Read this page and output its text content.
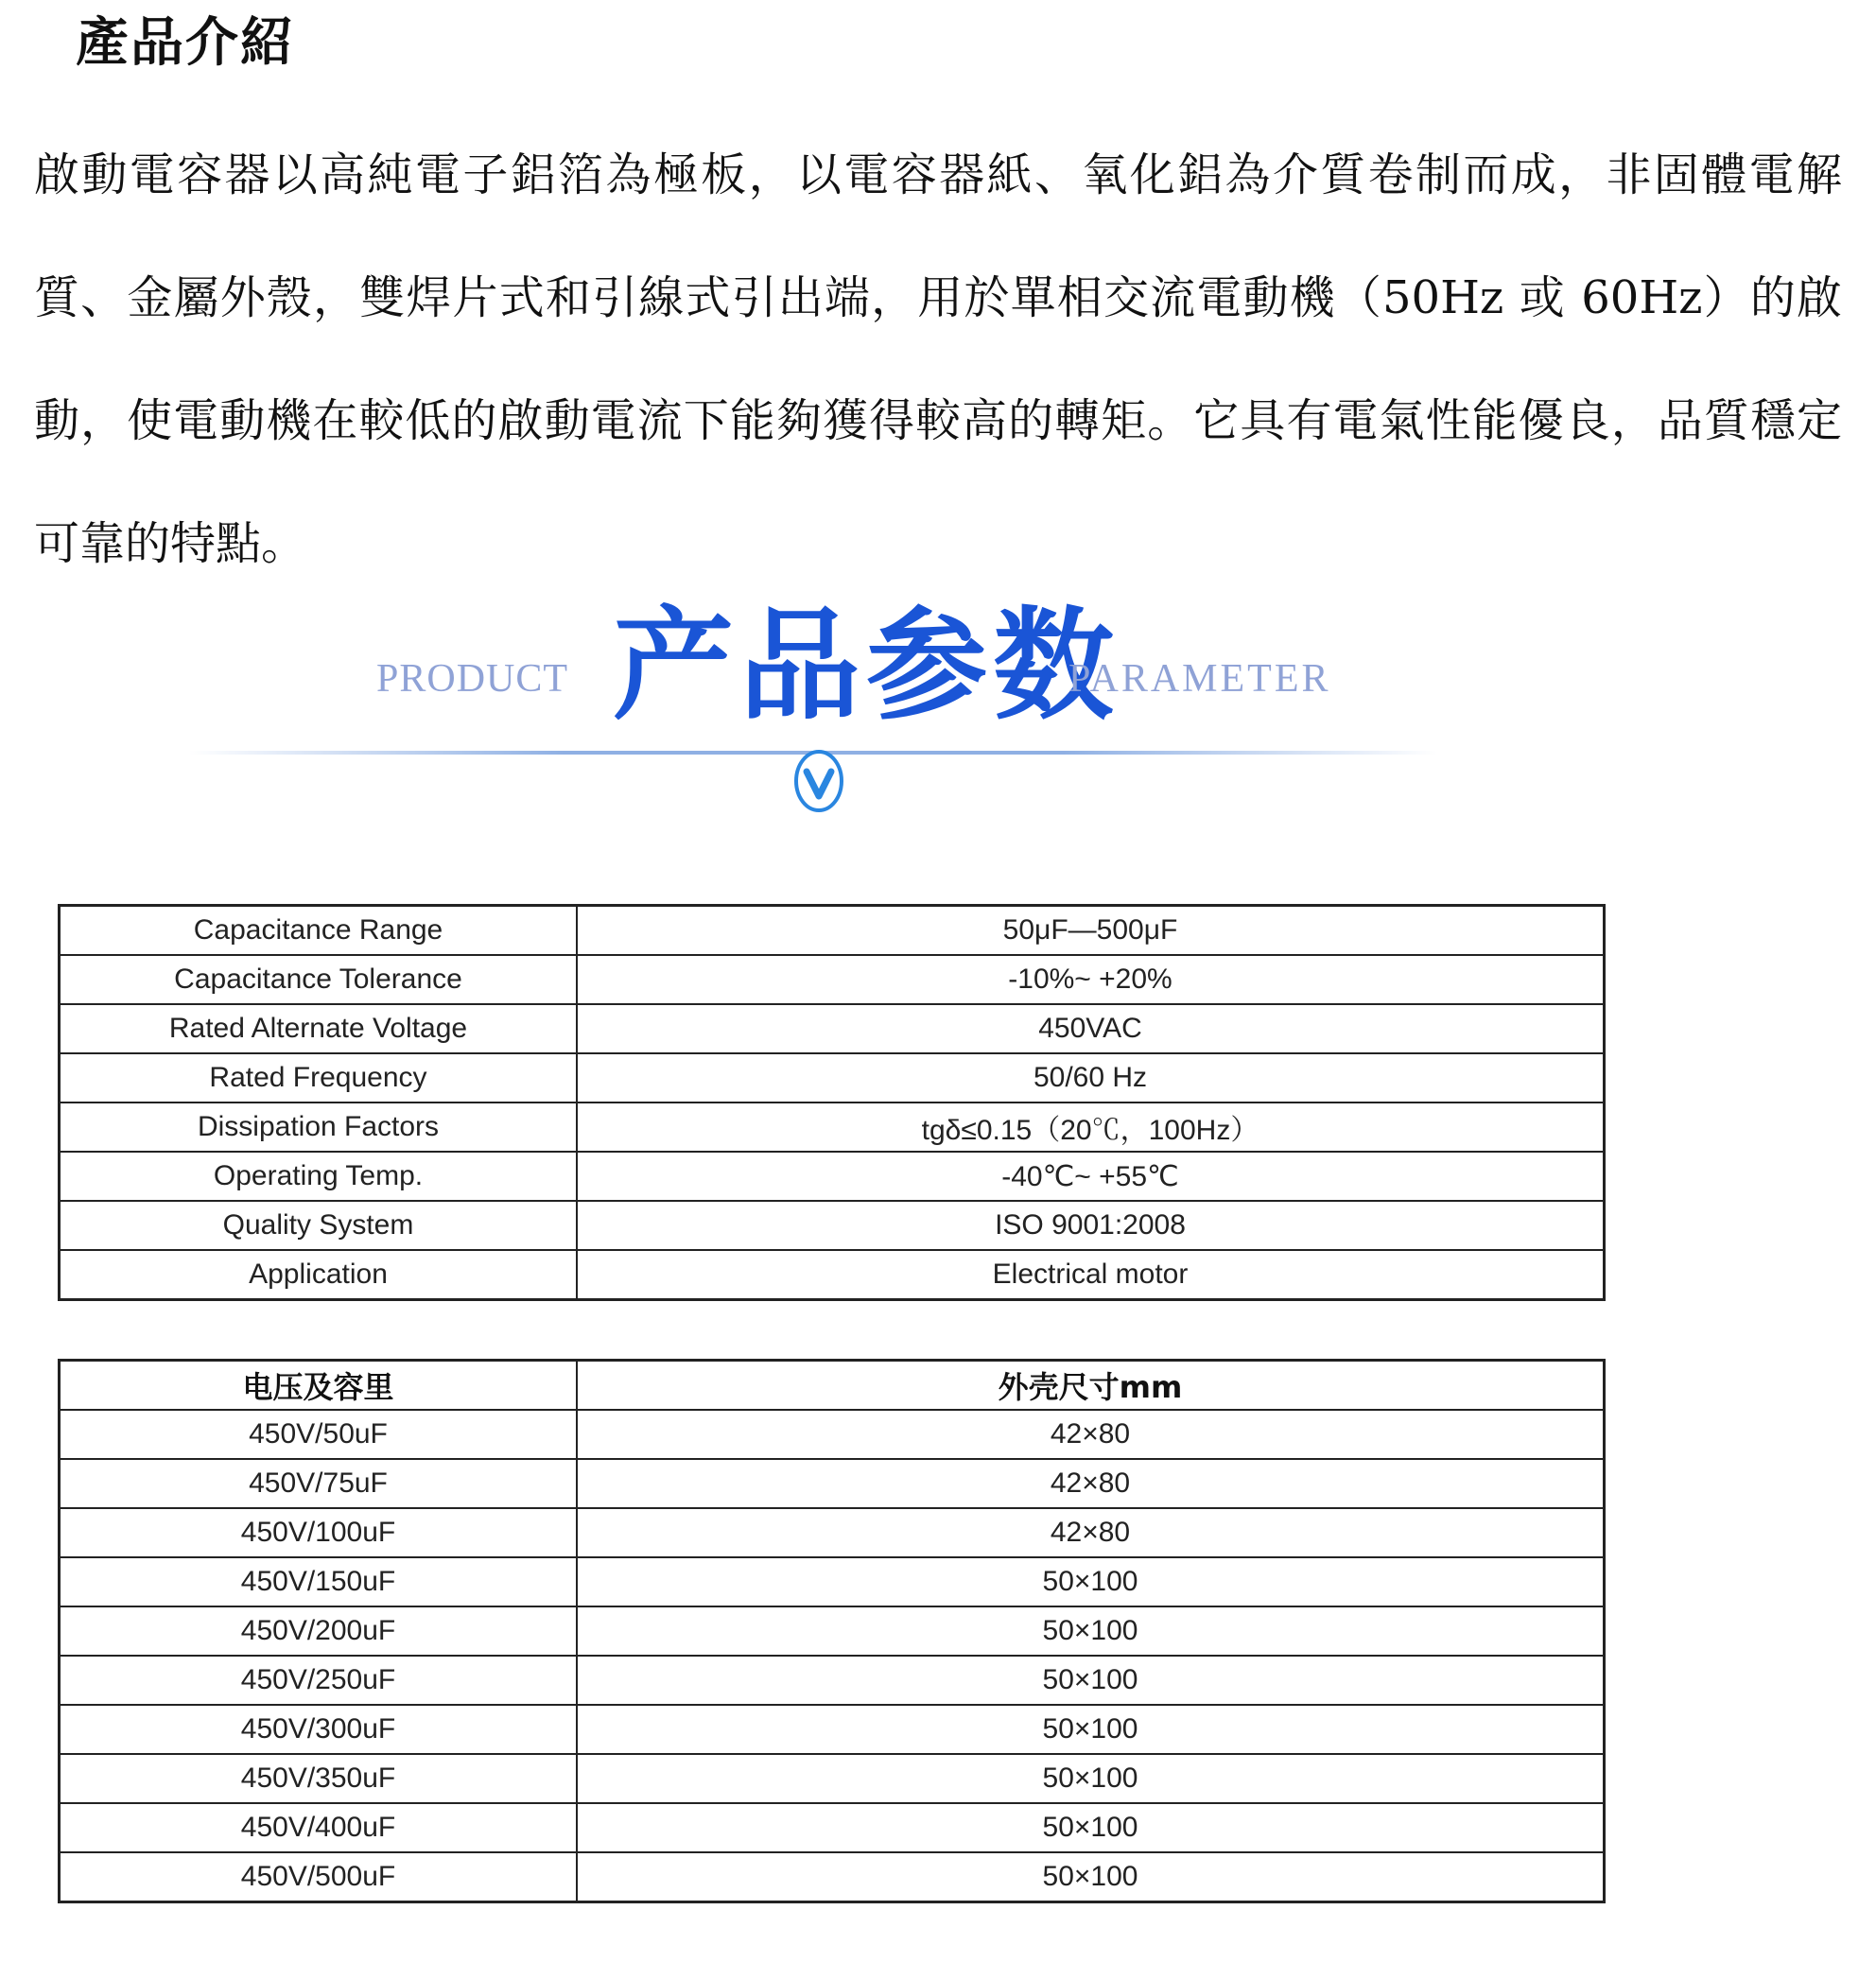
產品介紹

啟動電容器以高純電子鋁箔為極板，以電容器紙、氧化鋁為介質卷制而成，非固體電解質、金屬外殼，雙焊片式和引線式引出端，用於單相交流電動機（50Hz 或 60Hz）的啟動，使電動機在較低的啟動電流下能夠獲得較高的轉矩。它具有電氣性能優良，品質穩定可靠的特點。

PRODUCT 产品参数
PARAMETER
Capacitance Range	50μF—500μF
Capacitance Tolerance	-10%~ +20%
Rated Alternate Voltage	450VAC
Rated Frequency	50/60 Hz
Dissipation Factors	tgδ≤0.15（20℃，100Hz）
Operating Temp.	-40℃~ +55℃
Quality System	ISO 9001:2008
Application	Electrical motor
电压及容里	外壳尺寸mm
450V/50uF	42×80
450V/75uF	42×80
450V/100uF	42×80
450V/150uF	50×100
450V/200uF	50×100
450V/250uF	50×100
450V/300uF	50×100
450V/350uF	50×100
450V/400uF	50×100
450V/500uF	50×100
